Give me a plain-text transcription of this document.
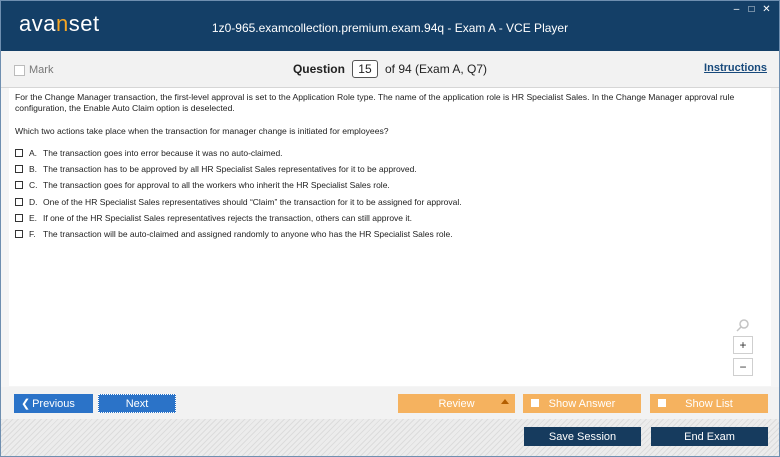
avanset	1z0-965.examcollection.premium.exam.94q - Exam A - VCE Player
– □ ✕
Mark	Question 15 of 94 (Exam A, Q7)	Instructions
For the Change Manager transaction, the first-level approval is set to the Application Role type. The name of the application role is HR Specialist Sales. In the Change Manager approval rule configuration, the Enable Auto Claim option is deselected.
Which two actions take place when the transaction for manager change is initiated for employees?
A. The transaction goes into error because it was no auto-claimed.
B. The transaction has to be approved by all HR Specialist Sales representatives for it to be approved.
C. The transaction goes for approval to all the workers who inherit the HR Specialist Sales role.
D. One of the HR Specialist Sales representatives should “Claim” the transaction for it to be assigned for approval.
E. If one of the HR Specialist Sales representatives rejects the transaction, others can still approve it.
F. The transaction will be auto-claimed and assigned randomly to anyone who has the HR Specialist Sales role.
+
−
❮ Previous	Next	Review	Show Answer	Show List
Save Session	End Exam
